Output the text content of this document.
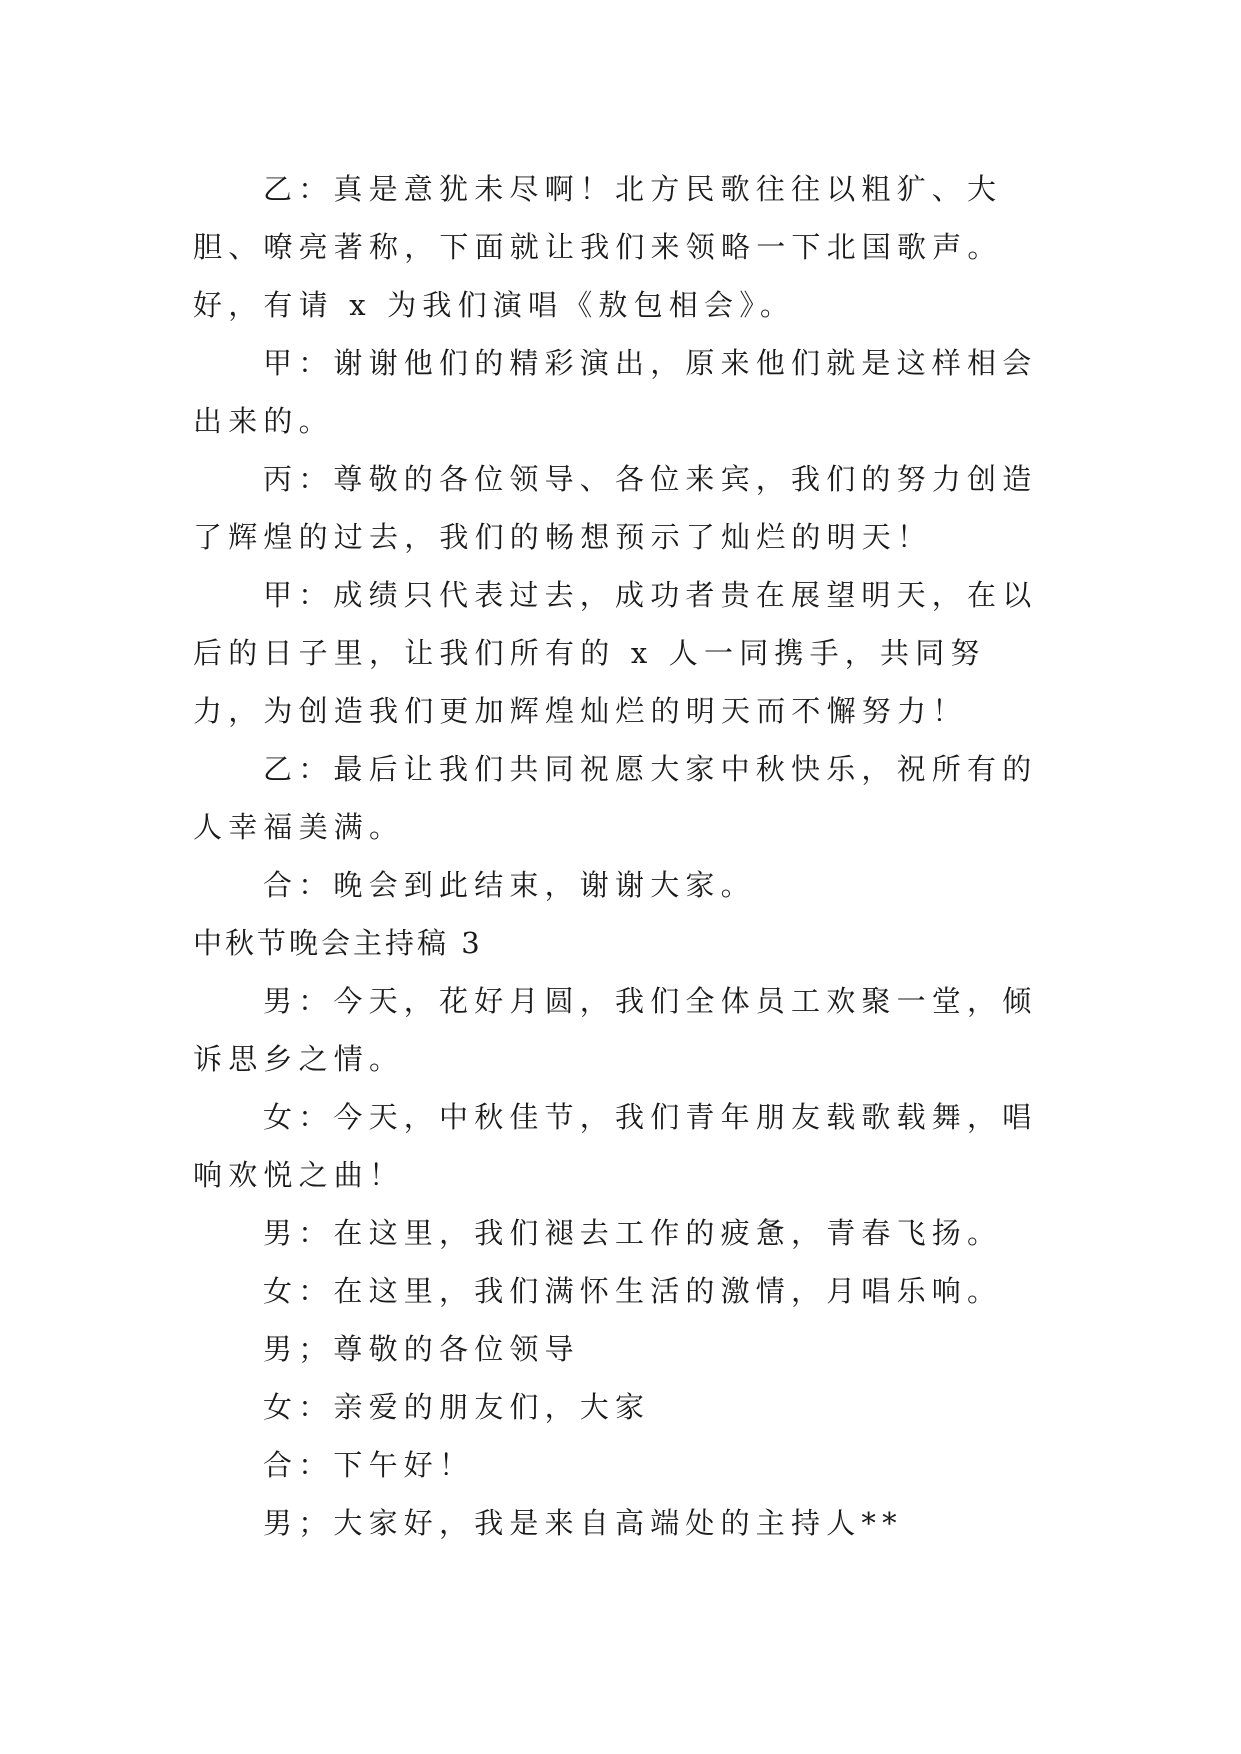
乙：真是意犹未尽啊！北方民歌往往以粗犷、大胆、嘹亮著称，下面就让我们来领略一下北国歌声。好，有请 x 为我们演唱《敖包相会》。

甲：谢谢他们的精彩演出，原来他们就是这样相会出来的。

丙：尊敬的各位领导、各位来宾，我们的努力创造了辉煌的过去，我们的畅想预示了灿烂的明天！

甲：成绩只代表过去，成功者贵在展望明天，在以后的日子里，让我们所有的 x 人一同携手，共同努力，为创造我们更加辉煌灿烂的明天而不懈努力！

乙：最后让我们共同祝愿大家中秋快乐，祝所有的人幸福美满。

合：晚会到此结束，谢谢大家。

中秋节晚会主持稿 3

男：今天，花好月圆，我们全体员工欢聚一堂，倾诉思乡之情。

女：今天，中秋佳节，我们青年朋友载歌载舞，唱响欢悦之曲！

男：在这里，我们褪去工作的疲惫，青春飞扬。

女：在这里，我们满怀生活的激情，月唱乐响。

男；尊敬的各位领导

女：亲爱的朋友们，大家

合：下午好！

男；大家好，我是来自高端处的主持人**
